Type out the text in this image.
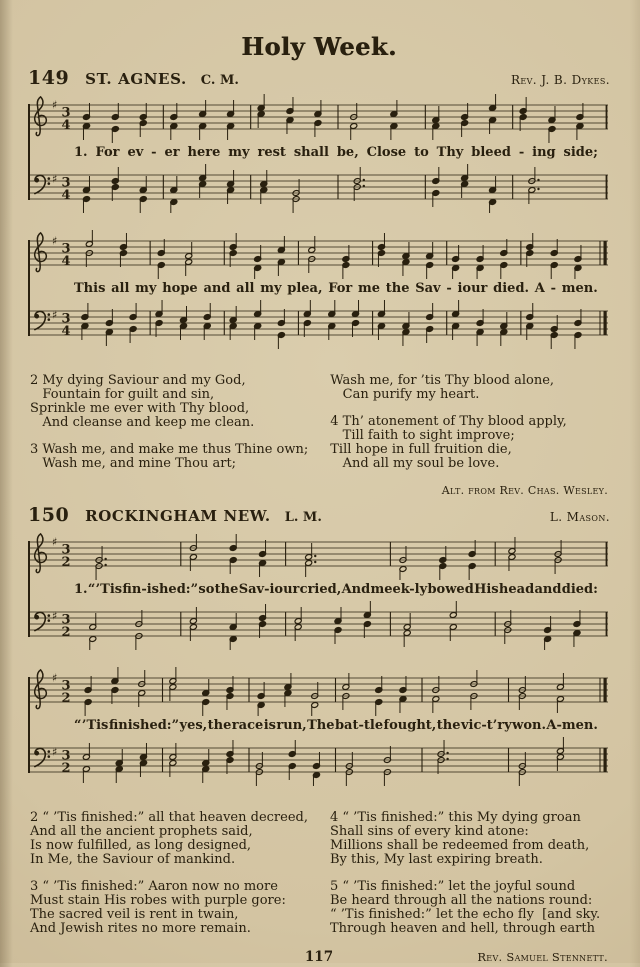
Holy Week.
149 ST. AGNES. C. M.	Rev. J. B. Dykes.
♯
3
4
1. For ev - er here my rest shall be, Close to Thy bleed - ing side;
♯ 3
4
♯
3
4
This all my hope and all my plea, For me the Sav - iour died. A - men.
♯ 3
4

2 My dying Saviour and my God,
Fountain for guilt and sin,
Sprinkle me ever with Thy blood,
And cleanse and keep me clean.

3 Wash me, and make me thus Thine own;
Wash me, and mine Thou art;

Wash me, for ’tis Thy blood alone,
Can purify my heart.

4 Th’ atonement of Thy blood apply,
Till faith to sight improve;
Till hope in full fruition die,
And all my soul be love.

Alt. from Rev. Chas. Wesley.
150 ROCKINGHAM NEW. L. M.	L. Mason.
♯
3
2
1. “ ’Tis fin-ished:” so the Sav-iour cried, And meek-ly bowed His head and died:
♯ 3
2
♯
3
2
“ ’Tis finished:” yes, the race is run, The bat-tle fought, the vic-t’ry won. A-men.
♯ 3
2

2 “ ’Tis finished:” all that heaven decreed,
And all the ancient prophets said,
Is now fulfilled, as long designed,
In Me, the Saviour of mankind.

3 “ ’Tis finished:” Aaron now no more
Must stain His robes with purple gore:
The sacred veil is rent in twain,
And Jewish rites no more remain.

4 “ ’Tis finished:” this My dying groan
Shall sins of every kind atone:
Millions shall be redeemed from death,
By this, My last expiring breath.

5 “ ’Tis finished:” let the joyful sound
Be heard through all the nations round:
“ ’Tis finished:” let the echo fly  [and sky.
Through heaven and hell, through earth

117	Rev. Samuel Stennett.
